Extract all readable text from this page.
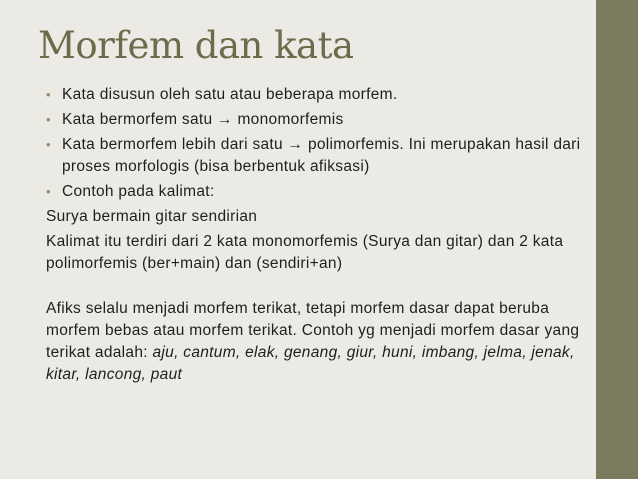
Morfem dan kata
• Kata disusun oleh satu atau beberapa morfem.
• Kata bermorfem satu → monomorfemis
• Kata bermorfem lebih dari satu → polimorfemis. Ini merupakan hasil dari proses morfologis (bisa berbentuk afiksasi)
• Contoh pada kalimat:
Surya bermain gitar sendirian
Kalimat itu terdiri dari 2 kata monomorfemis (Surya dan gitar) dan 2 kata polimorfemis (ber+main) dan (sendiri+an)
Afiks selalu menjadi morfem terikat, tetapi morfem dasar dapat beruba morfem bebas atau morfem terikat. Contoh yg menjadi morfem dasar yang terikat adalah: aju, cantum, elak, genang, giur, huni, imbang, jelma, jenak, kitar, lancong, paut
